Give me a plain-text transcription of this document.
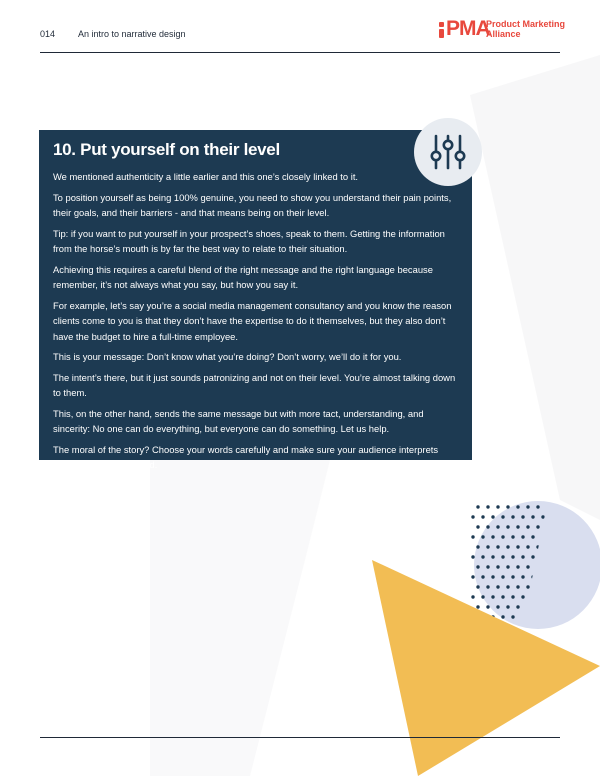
014	An intro to narrative design	PMA
Product Marketing
Alliance
10. Put yourself on their level

We mentioned authenticity a little earlier and this one’s closely linked to it.

To position yourself as being 100% genuine, you need to show you understand their pain points, their goals, and their barriers - and that means being on their level.

Tip: if you want to put yourself in your prospect’s shoes, speak to them. Getting the information from the horse’s mouth is by far the best way to relate to their situation.

Achieving this requires a careful blend of the right message and the right language because remember, it’s not always what you say, but how you say it.

For example, let’s say you’re a social media management consultancy and you know the reason clients come to you is that they don’t have the expertise to do it themselves, but they also don’t have the budget to hire a full-time employee.

This is your message: Don’t know what you’re doing? Don’t worry, we’ll do it for you.

The intent’s there, but it just sounds patronizing and not on their level. You’re almost talking down to them.

This, on the other hand, sends the same message but with more tact, understanding, and sincerity: No one can do everything, but everyone can do something. Let us help.

The moral of the story? Choose your words carefully and make sure your audience interprets them the way you intend.
